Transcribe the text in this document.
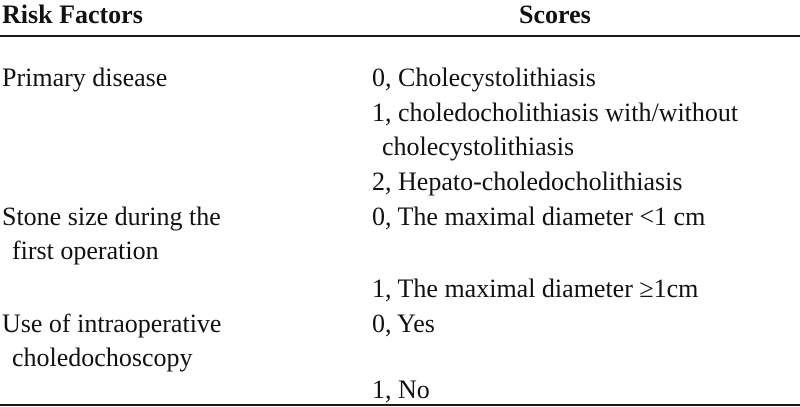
Risk Factors	Scores
Primary disease	0, Cholecystolithiasis
1, choledocholithiasis with/without
cholecystolithiasis
2, Hepato-choledocholithiasis
Stone size during the
first operation
0, The maximal diameter <1 cm
1, The maximal diameter ≥1cm
Use of intraoperative
choledochoscopy
0, Yes
1, No
